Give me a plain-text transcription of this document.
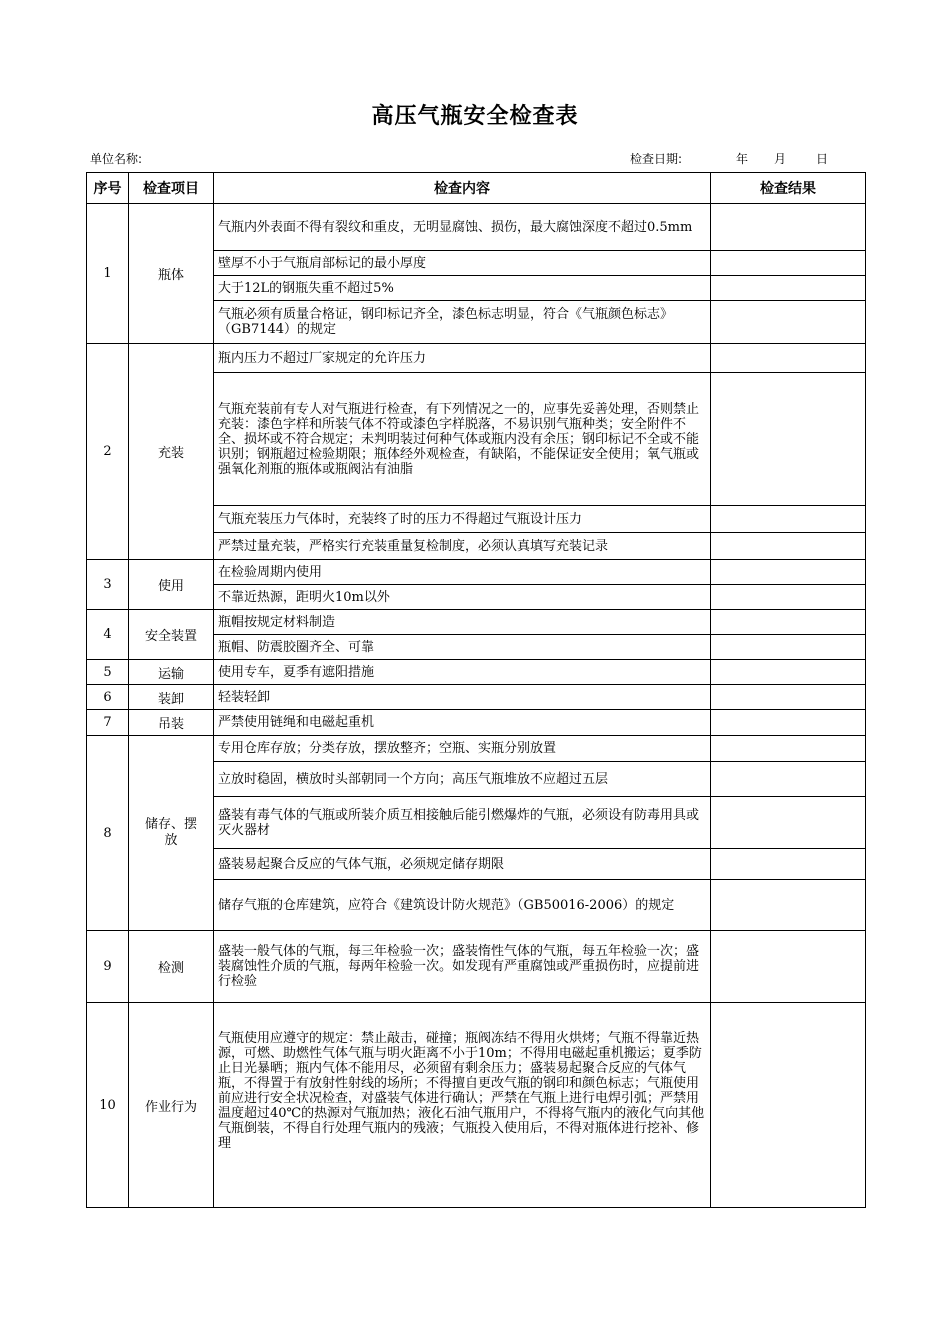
高压气瓶安全检查表
单位名称:	检查日期:	年 月 日
序号	检查项目	检查内容	检查结果
1	瓶体	气瓶内外表面不得有裂纹和重皮，无明显腐蚀、损伤，最大腐蚀深度不超过0.5mm	
		壁厚不小于气瓶肩部标记的最小厚度	
		大于12L的钢瓶失重不超过5%	
		气瓶必须有质量合格证，钢印标记齐全，漆色标志明显，符合《气瓶颜色标志》（GB7144）的规定	
2	充装	瓶内压力不超过厂家规定的允许压力	
		气瓶充装前有专人对气瓶进行检查，有下列情况之一的，应事先妥善处理，否则禁止充装：漆色字样和所装气体不符或漆色字样脱落，不易识别气瓶种类；安全附件不全、损坏或不符合规定；未判明装过何种气体或瓶内没有余压；钢印标记不全或不能识别；钢瓶超过检验期限；瓶体经外观检查，有缺陷，不能保证安全使用；氧气瓶或强氧化剂瓶的瓶体或瓶阀沾有油脂	
		气瓶充装压力气体时，充装终了时的压力不得超过气瓶设计压力	
		严禁过量充装，严格实行充装重量复检制度，必须认真填写充装记录	
3	使用	在检验周期内使用	
		不靠近热源，距明火10m以外	
4	安全装置	瓶帽按规定材料制造	
		瓶帽、防震胶圈齐全、可靠	
5	运输	使用专车，夏季有遮阳措施	
6	装卸	轻装轻卸	
7	吊装	严禁使用链绳和电磁起重机	
8	储存、摆放	专用仓库存放；分类存放，摆放整齐；空瓶、实瓶分别放置	
		立放时稳固，横放时头部朝同一个方向；高压气瓶堆放不应超过五层	
		盛装有毒气体的气瓶或所装介质互相接触后能引燃爆炸的气瓶，必须设有防毒用具或灭火器材	
		盛装易起聚合反应的气体气瓶，必须规定储存期限	
		储存气瓶的仓库建筑，应符合《建筑设计防火规范》（GB50016-2006）的规定	
9	检测	盛装一般气体的气瓶，每三年检验一次；盛装惰性气体的气瓶，每五年检验一次；盛装腐蚀性介质的气瓶，每两年检验一次。如发现有严重腐蚀或严重损伤时，应提前进行检验	
10	作业行为	气瓶使用应遵守的规定：禁止敲击，碰撞；瓶阀冻结不得用火烘烤；气瓶不得靠近热源，可燃、助燃性气体气瓶与明火距离不小于10m；不得用电磁起重机搬运；夏季防止日光暴晒；瓶内气体不能用尽，必须留有剩余压力；盛装易起聚合反应的气体气瓶，不得置于有放射性射线的场所；不得擅自更改气瓶的钢印和颜色标志；气瓶使用前应进行安全状况检查，对盛装气体进行确认；严禁在气瓶上进行电焊引弧；严禁用温度超过40℃的热源对气瓶加热；液化石油气瓶用户，不得将气瓶内的液化气向其他气瓶倒装，不得自行处理气瓶内的残液；气瓶投入使用后，不得对瓶体进行挖补、修理	
